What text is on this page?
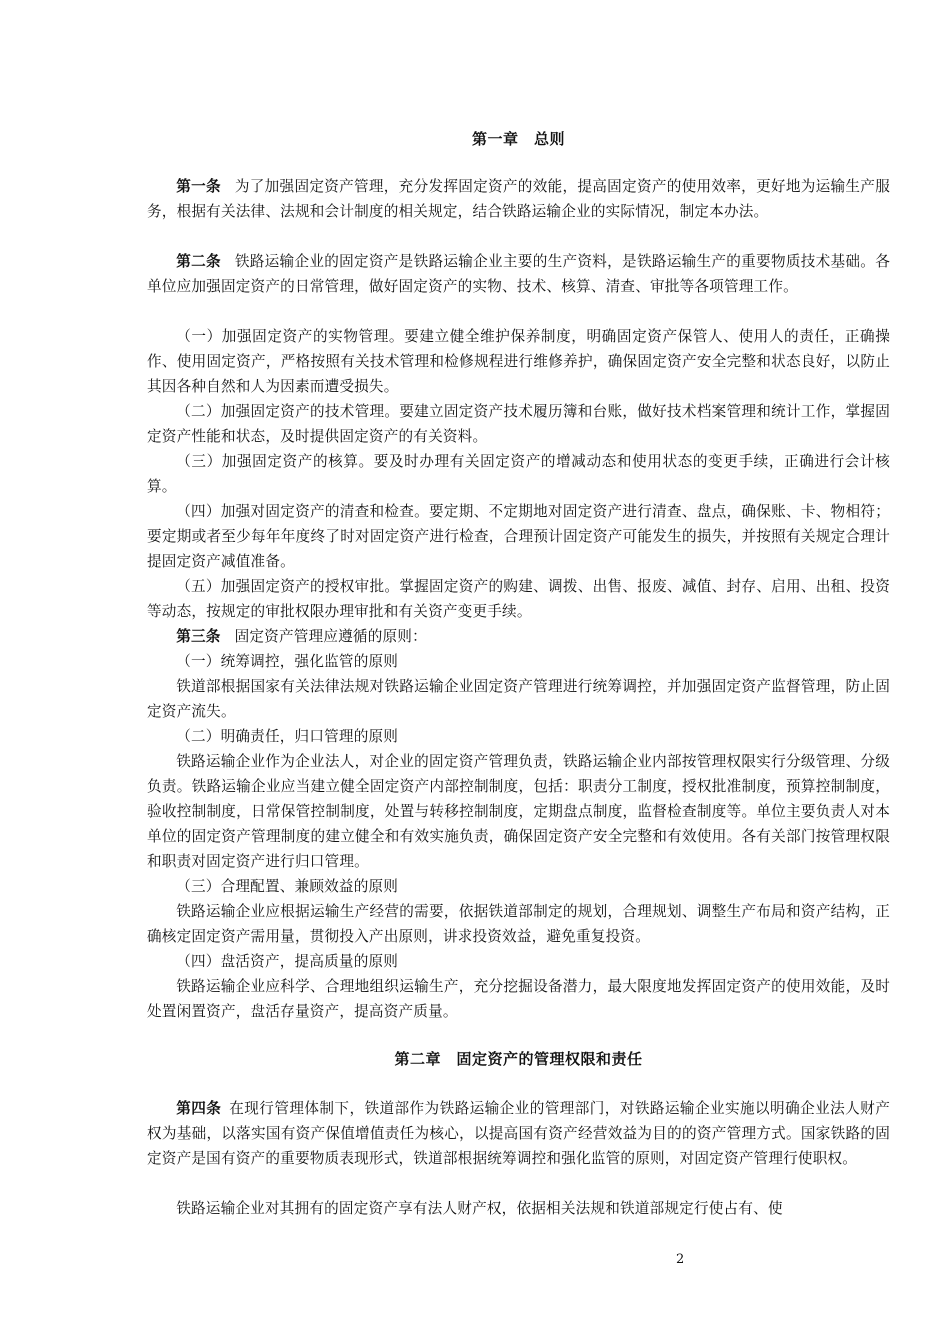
第一章　总则
第一条 为了加强固定资产管理，充分发挥固定资产的效能，提高固定资产的使用效率，更好地为运输生产服务，根据有关法律、法规和会计制度的相关规定，结合铁路运输企业的实际情况，制定本办法。
第二条 铁路运输企业的固定资产是铁路运输企业主要的生产资料，是铁路运输生产的重要物质技术基础。各单位应加强固定资产的日常管理，做好固定资产的实物、技术、核算、清查、审批等各项管理工作。
（一）加强固定资产的实物管理。要建立健全维护保养制度，明确固定资产保管人、使用人的责任，正确操作、使用固定资产，严格按照有关技术管理和检修规程进行维修养护，确保固定资产安全完整和状态良好，以防止其因各种自然和人为因素而遭受损失。
（二）加强固定资产的技术管理。要建立固定资产技术履历簿和台账，做好技术档案管理和统计工作，掌握固定资产性能和状态，及时提供固定资产的有关资料。
（三）加强固定资产的核算。要及时办理有关固定资产的增减动态和使用状态的变更手续，正确进行会计核算。
（四）加强对固定资产的清查和检查。要定期、不定期地对固定资产进行清查、盘点，确保账、卡、物相符；要定期或者至少每年年度终了时对固定资产进行检查，合理预计固定资产可能发生的损失，并按照有关规定合理计提固定资产减值准备。
（五）加强固定资产的授权审批。掌握固定资产的购建、调拨、出售、报废、减值、封存、启用、出租、投资等动态，按规定的审批权限办理审批和有关资产变更手续。
第三条 固定资产管理应遵循的原则：
（一）统筹调控，强化监管的原则
铁道部根据国家有关法律法规对铁路运输企业固定资产管理进行统筹调控，并加强固定资产监督管理，防止固定资产流失。
（二）明确责任，归口管理的原则
铁路运输企业作为企业法人，对企业的固定资产管理负责，铁路运输企业内部按管理权限实行分级管理、分级负责。铁路运输企业应当建立健全固定资产内部控制制度，包括：职责分工制度，授权批准制度，预算控制制度，验收控制制度，日常保管控制制度，处置与转移控制制度，定期盘点制度，监督检查制度等。单位主要负责人对本单位的固定资产管理制度的建立健全和有效实施负责，确保固定资产安全完整和有效使用。各有关部门按管理权限和职责对固定资产进行归口管理。
（三）合理配置、兼顾效益的原则
铁路运输企业应根据运输生产经营的需要，依据铁道部制定的规划，合理规划、调整生产布局和资产结构，正确核定固定资产需用量，贯彻投入产出原则，讲求投资效益，避免重复投资。
（四）盘活资产，提高质量的原则
铁路运输企业应科学、合理地组织运输生产，充分挖掘设备潜力，最大限度地发挥固定资产的使用效能，及时处置闲置资产，盘活存量资产，提高资产质量。
第二章　固定资产的管理权限和责任
第四条 在现行管理体制下，铁道部作为铁路运输企业的管理部门，对铁路运输企业实施以明确企业法人财产权为基础，以落实国有资产保值增值责任为核心，以提高国有资产经营效益为目的的资产管理方式。国家铁路的固定资产是国有资产的重要物质表现形式，铁道部根据统筹调控和强化监管的原则，对固定资产管理行使职权。
铁路运输企业对其拥有的固定资产享有法人财产权，依据相关法规和铁道部规定行使占有、使
2
